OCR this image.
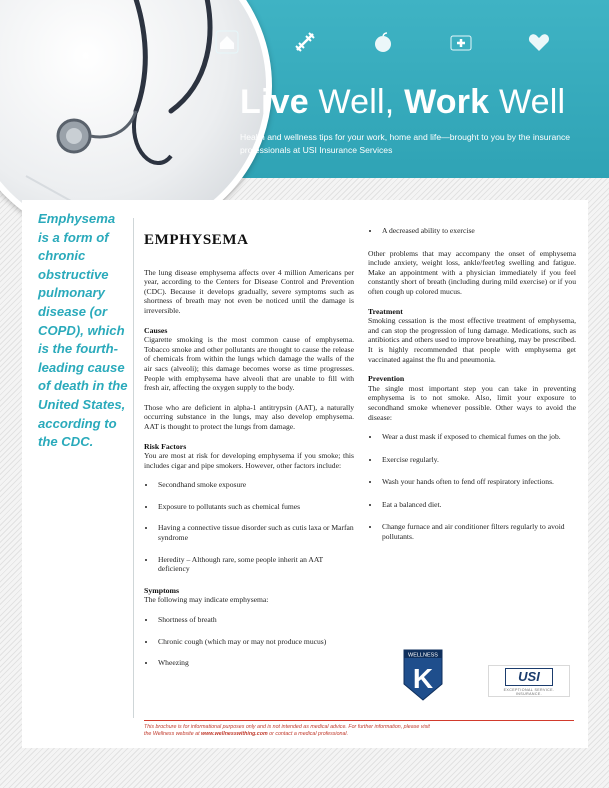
Live Well, Work Well

Health and wellness tips for your work, home and life—brought to you by the insurance professionals at USI Insurance Services

Emphysema is a form of chronic obstructive pulmonary disease (or COPD), which is the fourth-leading cause of death in the United States, according to the CDC.

EMPHYSEMA

The lung disease emphysema affects over 4 million Americans per year, according to the Centers for Disease Control and Prevention (CDC). Because it develops gradually, severe symptoms such as shortness of breath may not even be noticed until the damage is irreversible.

Causes

Cigarette smoking is the most common cause of emphysema. Tobacco smoke and other pollutants are thought to cause the release of chemicals from within the lungs which damage the walls of the air sacs (alveoli); this damage becomes worse as time progresses. People with emphysema have alveoli that are unable to fill with fresh air, affecting the oxygen supply to the body.

Those who are deficient in alpha-1 antitrypsin (AAT), a naturally occurring substance in the lungs, may also develop emphysema. AAT is thought to protect the lungs from damage.

Risk Factors

You are most at risk for developing emphysema if you smoke; this includes cigar and pipe smokers. However, other factors include:

• Secondhand smoke exposure
• Exposure to pollutants such as chemical fumes
• Having a connective tissue disorder such as cutis laxa or Marfan syndrome
• Heredity – Although rare, some people inherit an AAT deficiency
Symptoms

The following may indicate emphysema:

• Shortness of breath
• Chronic cough (which may or may not produce mucus)
• Wheezing
• A decreased ability to exercise

Other problems that may accompany the onset of emphysema include anxiety, weight loss, ankle/feet/leg swelling and fatigue. Make an appointment with a physician immediately if you feel constantly short of breath (including during mild exercise) or if you often cough up colored mucus.

Treatment

Smoking cessation is the most effective treatment of emphysema, and can stop the progression of lung damage. Medications, such as antibiotics and others used to improve breathing, may be prescribed. It is highly recommended that people with emphysema get vaccinated against the flu and pneumonia.

Prevention

The single most important step you can take in preventing emphysema is to not smoke. Also, limit your exposure to secondhand smoke whenever possible. Other ways to avoid the disease:

• Wear a dust mask if exposed to chemical fumes on the job.
• Exercise regularly.
• Wash your hands often to fend off respiratory infections.
• Eat a balanced diet.
• Change furnace and air conditioner filters regularly to avoid pollutants.
WELLNESS
K	USI
EXCEPTIONAL SERVICE. INSURANCE.

This brochure is for informational purposes only and is not intended as medical advice. For further information, please visit
the Wellness website at www.wellnesswithing.com or contact a medical professional.
